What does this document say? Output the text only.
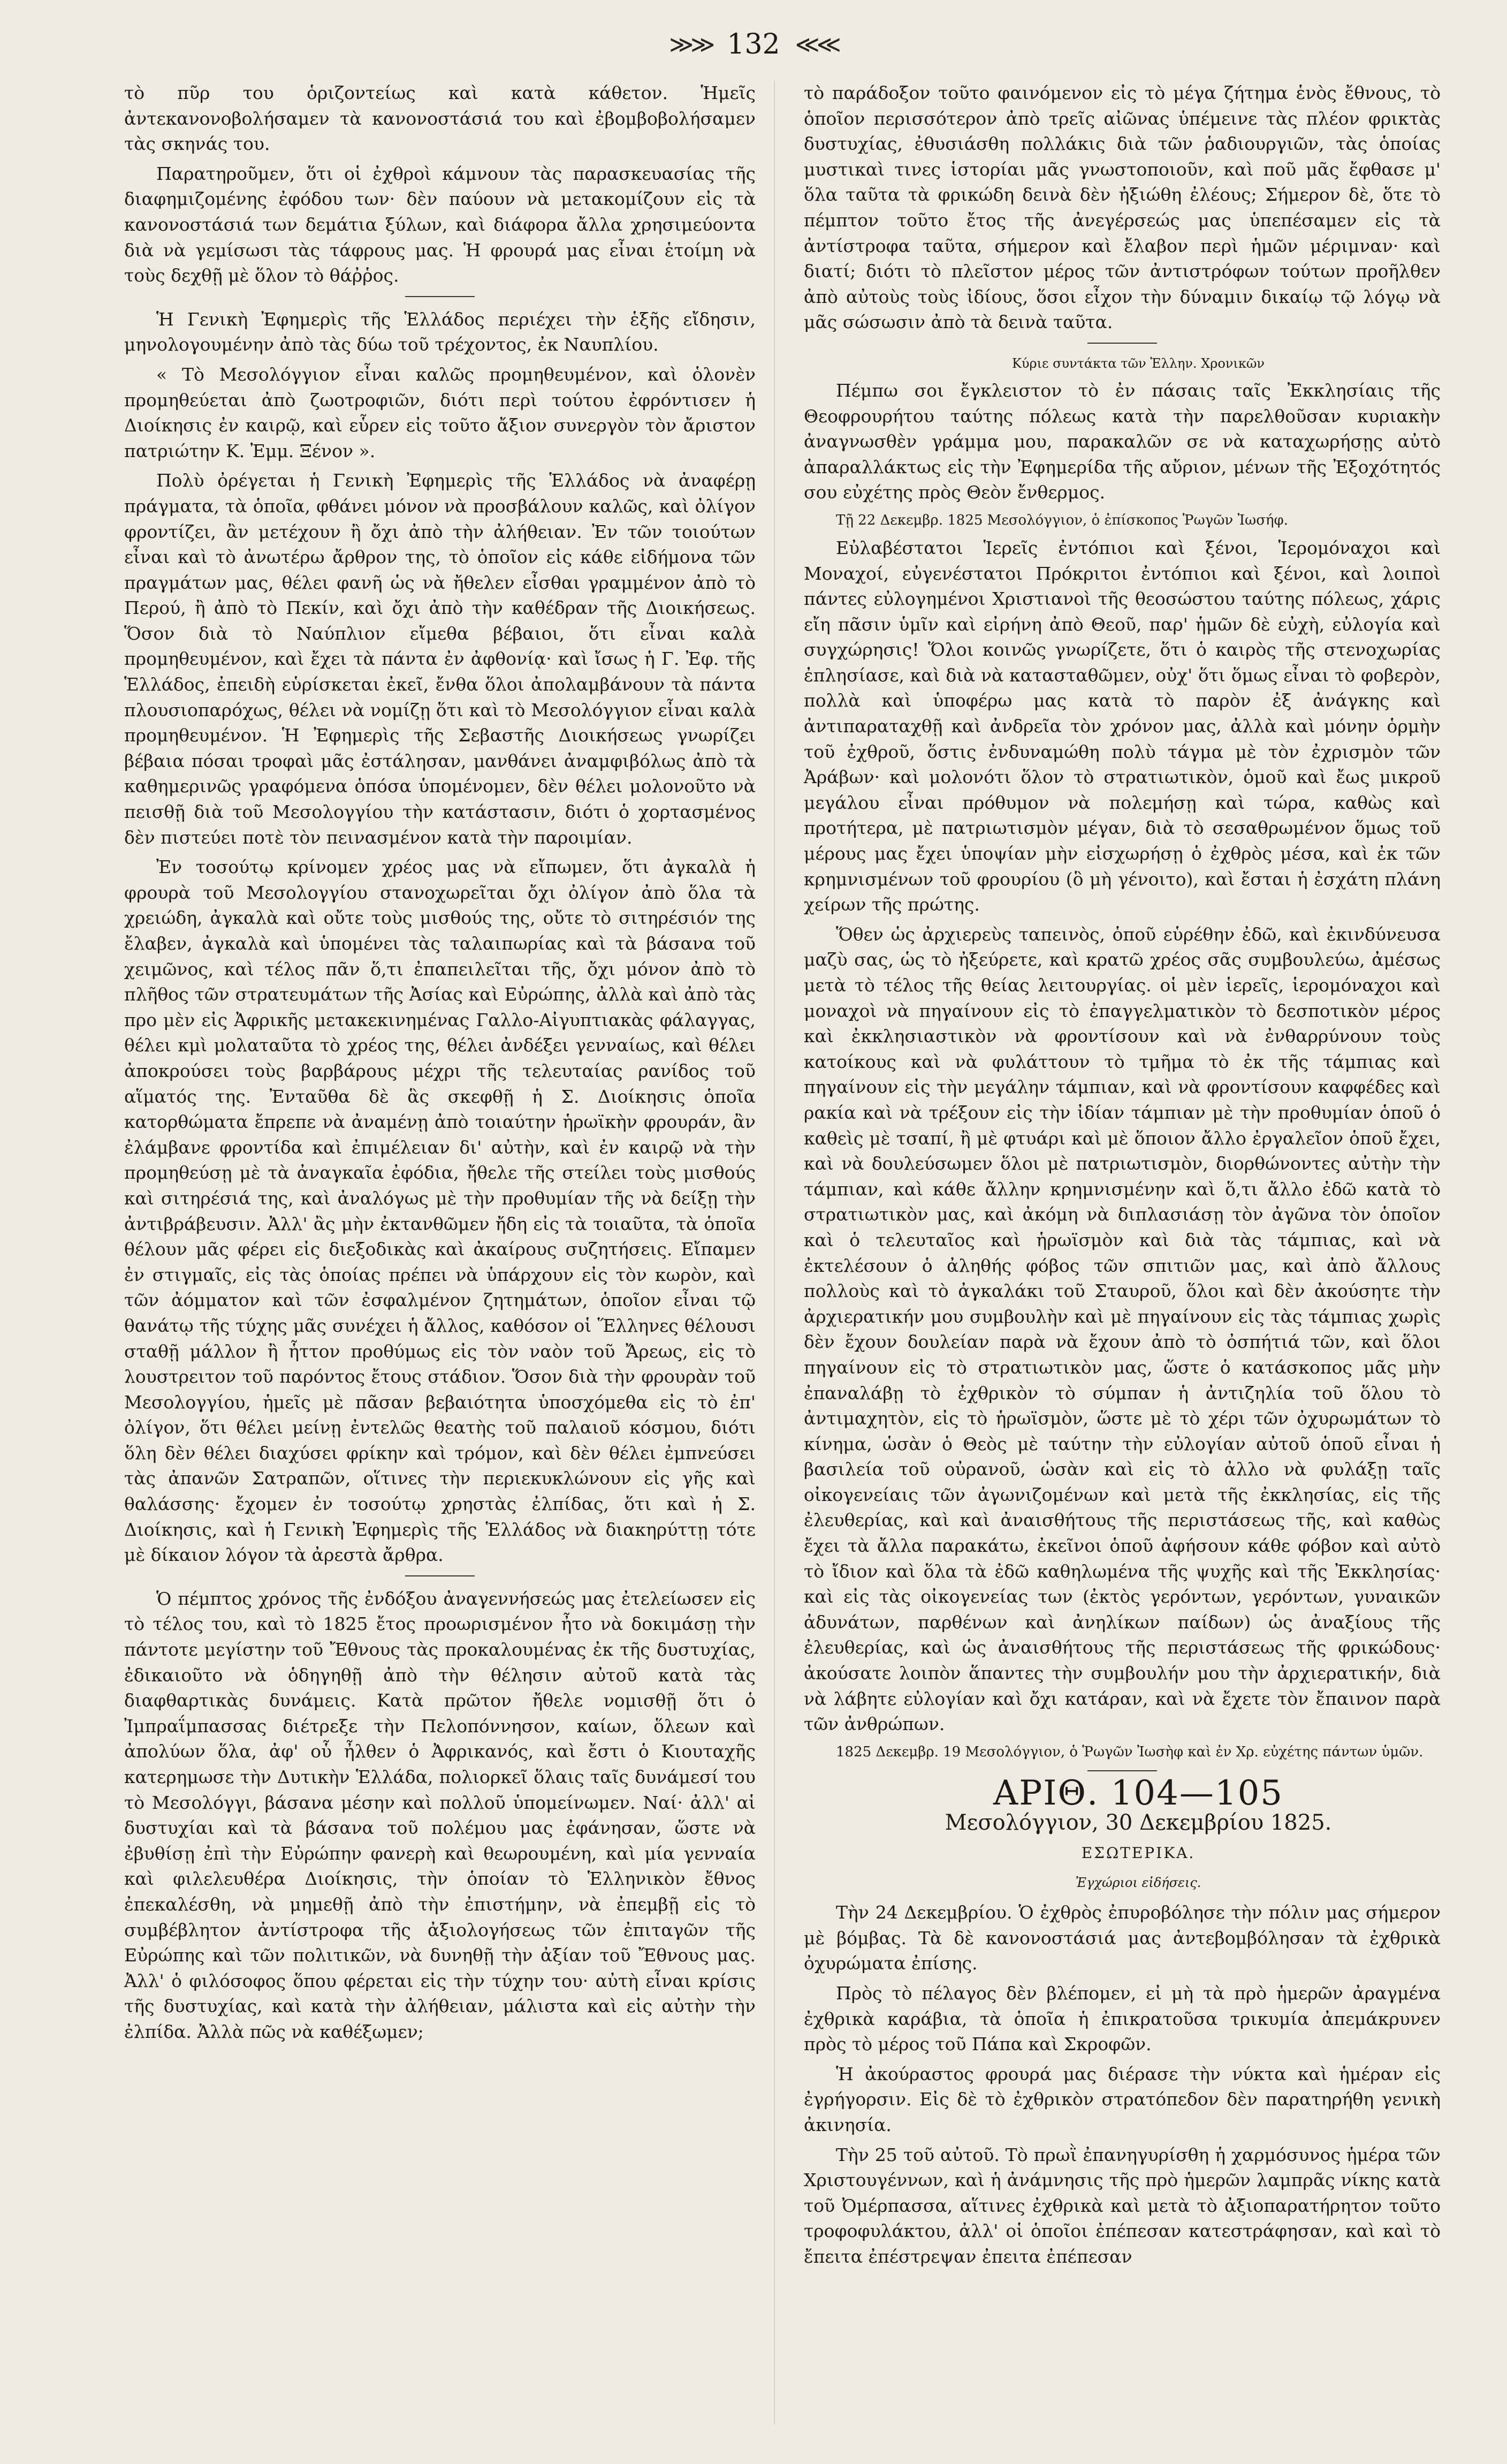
≫≫ 132 ≪≪

τὸ πῦρ του ὁριζοντείως καὶ κατὰ κάθετον. Ἡμεῖς ἀντεκανονοβολήσαμεν τὰ κανονοστάσιά του καὶ ἐβομβοβολήσαμεν τὰς σκηνάς του.

Παρατηροῦμεν, ὅτι οἱ ἐχθροὶ κάμνουν τὰς παρασκευασίας τῆς διαφημιζομένης ἐφόδου των· δὲν παύουν νὰ μετακομίζουν εἰς τὰ κανονοστάσιά των δεμάτια ξύλων, καὶ διάφορα ἄλλα χρησιμεύοντα διὰ νὰ γεμίσωσι τὰς τάφρους μας. Ἡ φρουρά μας εἶναι ἑτοίμη νὰ τοὺς δεχθῇ μὲ ὅλον τὸ θάῤῥος.

Ἡ Γενικὴ Ἐφημερὶς τῆς Ἑλλάδος περιέχει τὴν ἑξῆς εἴδησιν, μηνολογουμένην ἀπὸ τὰς δύω τοῦ τρέχοντος, ἐκ Ναυπλίου.

« Τὸ Μεσολόγγιον εἶναι καλῶς προμηθευμένον, καὶ ὁλονὲν προμηθεύεται ἀπὸ ζωοτροφιῶν, διότι περὶ τούτου ἐφρόντισεν ἡ Διοίκησις ἐν καιρῷ, καὶ εὗρεν εἰς τοῦτο ἄξιον συνεργὸν τὸν ἄριστον πατριώτην Κ. Ἐμμ. Ξένον ».

Πολὺ ὀρέγεται ἡ Γενικὴ Ἐφημερὶς τῆς Ἑλλάδος νὰ ἀναφέρῃ πράγματα, τὰ ὁποῖα, φθάνει μόνον νὰ προσβάλουν καλῶς, καὶ ὀλίγον φροντίζει, ἂν μετέχουν ἢ ὄχι ἀπὸ τὴν ἀλήθειαν. Ἐν τῶν τοιούτων εἶναι καὶ τὸ ἀνωτέρω ἄρθρον της, τὸ ὁποῖον εἰς κάθε εἰδήμονα τῶν πραγμάτων μας, θέλει φανῆ ὡς νὰ ἤθελεν εἶσθαι γραμμένον ἀπὸ τὸ Περού, ἢ ἀπὸ τὸ Πεκίν, καὶ ὄχι ἀπὸ τὴν καθέδραν τῆς Διοικήσεως. Ὅσον διὰ τὸ Ναύπλιον εἴμεθα βέβαιοι, ὅτι εἶναι καλὰ προμηθευμένον, καὶ ἔχει τὰ πάντα ἐν ἀφθονίᾳ· καὶ ἴσως ἡ Γ. Ἐφ. τῆς Ἑλλάδος, ἐπειδὴ εὑρίσκεται ἐκεῖ, ἔνθα ὅλοι ἀπολαμβάνουν τὰ πάντα πλουσιοπαρόχως, θέλει νὰ νομίζῃ ὅτι καὶ τὸ Μεσολόγγιον εἶναι καλὰ προμηθευμένον. Ἡ Ἐφημερὶς τῆς Σεβαστῆς Διοικήσεως γνωρίζει βέβαια πόσαι τροφαὶ μᾶς ἐστάλησαν, μανθάνει ἀναμφιβόλως ἀπὸ τὰ καθημερινῶς γραφόμενα ὁπόσα ὑπομένομεν, δὲν θέλει μολονοῦτο νὰ πεισθῇ διὰ τοῦ Μεσολογγίου τὴν κατάστασιν, διότι ὁ χορτασμένος δὲν πιστεύει ποτὲ τὸν πεινασμένον κατὰ τὴν παροιμίαν.

Ἐν τοσούτῳ κρίνομεν χρέος μας νὰ εἴπωμεν, ὅτι ἀγκαλὰ ἡ φρουρὰ τοῦ Μεσολογγίου στανοχωρεῖται ὄχι ὀλίγον ἀπὸ ὅλα τὰ χρειώδη, ἀγκαλὰ καὶ οὔτε τοὺς μισθούς της, οὔτε τὸ σιτηρέσιόν της ἔλαβεν, ἀγκαλὰ καὶ ὑπομένει τὰς ταλαιπωρίας καὶ τὰ βάσανα τοῦ χειμῶνος, καὶ τέλος πᾶν ὅ,τι ἐπαπειλεῖται τῆς, ὄχι μόνον ἀπὸ τὸ πλῆθος τῶν στρατευμάτων τῆς Ἀσίας καὶ Εὐρώπης, ἀλλὰ καὶ ἀπὸ τὰς προ μὲν εἰς Ἀφρικῆς μετακεκινημένας Γαλλο-Αἰγυπτιακὰς φάλαγγας, θέλει κμὶ μολαταῦτα τὸ χρέος της, θέλει ἀνδέξει γενναίως, καὶ θέλει ἀποκρούσει τοὺς βαρβάρους μέχρι τῆς τελευταίας ρανίδος τοῦ αἵματός της. Ἐνταῦθα δὲ ἃς σκεφθῇ ἡ Σ. Διοίκησις ὁποῖα κατορθώματα ἔπρεπε νὰ ἀναμένῃ ἀπὸ τοιαύτην ἡρωϊκὴν φρουράν, ἂν ἐλάμβανε φροντίδα καὶ ἐπιμέλειαν δι' αὐτὴν, καὶ ἐν καιρῷ νὰ τὴν προμηθεύσῃ μὲ τὰ ἀναγκαῖα ἐφόδια, ἤθελε τῆς στείλει τοὺς μισθούς καὶ σιτηρέσιά της, καὶ ἀναλόγως μὲ τὴν προθυμίαν τῆς νὰ δείξῃ τὴν ἀντιβράβευσιν. Ἀλλ' ἂς μὴν ἐκτανθῶμεν ἤδη εἰς τὰ τοιαῦτα, τὰ ὁποῖα θέλουν μᾶς φέρει εἰς διεξοδικὰς καὶ ἀκαίρους συζητήσεις. Εἴπαμεν ἐν στιγμαῖς, εἰς τὰς ὁποίας πρέπει νὰ ὑπάρχουν εἰς τὸν κωρὸν, καὶ τῶν ἀόμματον καὶ τῶν ἐσφαλμένον ζητημάτων, ὁποῖον εἶναι τῷ θανάτῳ τῆς τύχης μᾶς συνέχει ἡ ἄλλος, καθόσον οἱ Ἕλληνες θέλουσι σταθῇ μάλλον ἢ ἧττον προθύμως εἰς τὸν ναὸν τοῦ Ἄρεως, εἰς τὸ λουστρειτον τοῦ παρόντος ἔτους στάδιον. Ὅσον διὰ τὴν φρουρὰν τοῦ Μεσολογγίου, ἡμεῖς μὲ πᾶσαν βεβαιότητα ὑποσχόμεθα εἰς τὸ ἐπ' ὀλίγον, ὅτι θέλει μείνῃ ἐντελῶς θεατὴς τοῦ παλαιοῦ κόσμου, διότι ὅλη δὲν θέλει διαχύσει φρίκην καὶ τρόμον, καὶ δὲν θέλει ἐμπνεύσει τὰς ἀπανῶν Σατραπῶν, οἵτινες τὴν περιεκυκλώνουν εἰς γῆς καὶ θαλάσσης· ἔχομεν ἐν τοσούτῳ χρηστὰς ἐλπίδας, ὅτι καὶ ἡ Σ. Διοίκησις, καὶ ἡ Γενικὴ Ἐφημερὶς τῆς Ἑλλάδος νὰ διακηρύττῃ τότε μὲ δίκαιον λόγον τὰ ἀρεστὰ ἄρθρα.

Ὁ πέμπτος χρόνος τῆς ἐνδόξου ἀναγεννήσεώς μας ἐτελείωσεν εἰς τὸ τέλος του, καὶ τὸ 1825 ἔτος προωρισμένον ἦτο νὰ δοκιμάσῃ τὴν πάντοτε μεγίστην τοῦ Ἔθνους τὰς προκαλουμένας ἐκ τῆς δυστυχίας, ἐδικαιοῦτο νὰ ὁδηγηθῇ ἀπὸ τὴν θέλησιν αὐτοῦ κατὰ τὰς διαφθαρτικὰς δυνάμεις. Κατὰ πρῶτον ἤθελε νομισθῇ ὅτι ὁ Ἰμπραΐμπασσας διέτρεξε τὴν Πελοπόννησον, καίων, ὅλεων καὶ ἀπολύων ὅλα, ἀφ' οὗ ἦλθεν ὁ Ἀφρικανός, καὶ ἔστι ὁ Κιουταχῆς κατερημωσε τὴν Δυτικὴν Ἑλλάδα, πολιορκεῖ ὅλαις ταῖς δυνάμεσί του τὸ Μεσολόγγι, βάσανα μέσην καὶ πολλοῦ ὑπομείνωμεν. Ναί· ἀλλ' αἱ δυστυχίαι καὶ τὰ βάσανα τοῦ πολέμου μας ἐφάνησαν, ὥστε νὰ ἐβυθίσῃ ἐπὶ τὴν Εὐρώπην φανερὴ καὶ θεωρουμένη, καὶ μία γενναία καὶ φιλελευθέρα Διοίκησις, τὴν ὁποίαν τὸ Ἑλληνικὸν ἔθνος ἐπεκαλέσθη, νὰ μημεθῇ ἀπὸ τὴν ἐπιστήμην, νὰ ἐπεμβῇ εἰς τὸ συμβέβλητον ἀντίστροφα τῆς ἀξιολογήσεως τῶν ἐπιταγῶν τῆς Εὐρώπης καὶ τῶν πολιτικῶν, νὰ δυνηθῇ τὴν ἀξίαν τοῦ Ἔθνους μας. Ἀλλ' ὁ φιλόσοφος ὅπου φέρεται εἰς τὴν τύχην του· αὐτὴ εἶναι κρίσις τῆς δυστυχίας, καὶ κατὰ τὴν ἀλήθειαν, μάλιστα καὶ εἰς αὐτὴν τὴν ἐλπίδα. Ἀλλὰ πῶς νὰ καθέξωμεν;

τὸ παράδοξον τοῦτο φαινόμενον εἰς τὸ μέγα ζήτημα ἑνὸς ἔθνους, τὸ ὁποῖον περισσότερον ἀπὸ τρεῖς αἰῶνας ὑπέμεινε τὰς πλέον φρικτὰς δυστυχίας, ἐθυσιάσθη πολλάκις διὰ τῶν ῥαδιουργιῶν, τὰς ὁποίας μυστικαὶ τινες ἱστορίαι μᾶς γνωστοποιοῦν, καὶ ποῦ μᾶς ἔφθασε μ' ὅλα ταῦτα τὰ φρικώδη δεινὰ δὲν ἠξιώθη ἐλέους; Σήμερον δὲ, ὅτε τὸ πέμπτον τοῦτο ἔτος τῆς ἀνεγέρσεώς μας ὑπεπέσαμεν εἰς τὰ ἀντίστροφα ταῦτα, σήμερον καὶ ἔλαβον περὶ ἡμῶν μέριμναν· καὶ διατί; διότι τὸ πλεῖστον μέρος τῶν ἀντιστρόφων τούτων προῆλθεν ἀπὸ αὐτοὺς τοὺς ἰδίους, ὅσοι εἶχον τὴν δύναμιν δικαίῳ τῷ λόγῳ νὰ μᾶς σώσωσιν ἀπὸ τὰ δεινὰ ταῦτα.

Κύριε συντάκτα τῶν Ἑλλην. Χρονικῶν

Πέμπω σοι ἔγκλειστον τὸ ἐν πάσαις ταῖς Ἐκκλησίαις τῆς Θεοφρουρήτου ταύτης πόλεως κατὰ τὴν παρελθοῦσαν κυριακὴν ἀναγνωσθὲν γράμμα μου, παρακαλῶν σε νὰ καταχωρήσῃς αὐτὸ ἀπαραλλάκτως εἰς τὴν Ἐφημερίδα τῆς αὔριον, μένων τῆς Ἐξοχότητός σου εὐχέτης πρὸς Θεὸν ἔνθερμος.

Τῇ 22 Δεκεμβρ. 1825 Μεσολόγγιον, ὁ ἐπίσκοπος Ῥωγῶν Ἰωσήφ.

Εὐλαβέστατοι Ἱερεῖς ἐντόπιοι καὶ ξένοι, Ἱερομόναχοι καὶ Μοναχοί, εὐγενέστατοι Πρόκριτοι ἐντόπιοι καὶ ξένοι, καὶ λοιποὶ πάντες εὐλογημένοι Χριστιανοὶ τῆς θεοσώστου ταύτης πόλεως, χάρις εἴη πᾶσιν ὑμῖν καὶ εἰρήνη ἀπὸ Θεοῦ, παρ' ἡμῶν δὲ εὐχὴ, εὐλογία καὶ συγχώρησις! Ὅλοι κοινῶς γνωρίζετε, ὅτι ὁ καιρὸς τῆς στενοχωρίας ἐπλησίασε, καὶ διὰ νὰ κατασταθῶμεν, οὐχ' ὅτι ὅμως εἶναι τὸ φοβερὸν, πολλὰ καὶ ὑποφέρω μας κατὰ τὸ παρὸν ἐξ ἀνάγκης καὶ ἀντιπαραταχθῇ καὶ ἀνδρεῖα τὸν χρόνον μας, ἀλλὰ καὶ μόνην ὁρμὴν τοῦ ἐχθροῦ, ὅστις ἐνδυναμώθη πολὺ τάγμα μὲ τὸν ἐχρισμὸν τῶν Ἀράβων· καὶ μολονότι ὅλον τὸ στρατιωτικὸν, ὁμοῦ καὶ ἔως μικροῦ μεγάλου εἶναι πρόθυμον νὰ πολεμήσῃ καὶ τώρα, καθὼς καὶ προτήτερα, μὲ πατριωτισμὸν μέγαν, διὰ τὸ σεσαθρωμένον ὅμως τοῦ μέρους μας ἔχει ὑποψίαν μὴν εἰσχωρήσῃ ὁ ἐχθρὸς μέσα, καὶ ἐκ τῶν κρημνισμένων τοῦ φρουρίου (ὃ μὴ γένοιτο), καὶ ἔσται ἡ ἐσχάτη πλάνη χείρων τῆς πρώτης.

Ὅθεν ὡς ἀρχιερεὺς ταπεινὸς, ὁποῦ εὑρέθην ἐδῶ, καὶ ἐκινδύνευσα μαζὺ σας, ὡς τὸ ἠξεύρετε, καὶ κρατῶ χρέος σᾶς συμβουλεύω, ἀμέσως μετὰ τὸ τέλος τῆς θείας λειτουργίας. οἱ μὲν ἱερεῖς, ἱερομόναχοι καὶ μοναχοὶ νὰ πηγαίνουν εἰς τὸ ἐπαγγελματικὸν τὸ δεσποτικὸν μέρος καὶ ἐκκλησιαστικὸν νὰ φροντίσουν καὶ νὰ ἐνθαρρύνουν τοὺς κατοίκους καὶ νὰ φυλάττουν τὸ τμῆμα τὸ ἐκ τῆς τάμπιας καὶ πηγαίνουν εἰς τὴν μεγάλην τάμπιαν, καὶ νὰ φροντίσουν καφφέδες καὶ ρακία καὶ νὰ τρέξουν εἰς τὴν ἰδίαν τάμπιαν μὲ τὴν προθυμίαν ὁποῦ ὁ καθεὶς μὲ τσαπί, ἢ μὲ φτυάρι καὶ μὲ ὅποιον ἄλλο ἐργαλεῖον ὁποῦ ἔχει, καὶ νὰ δουλεύσωμεν ὅλοι μὲ πατριωτισμὸν, διορθώνοντες αὐτὴν τὴν τάμπιαν, καὶ κάθε ἄλλην κρημνισμένην καὶ ὅ,τι ἄλλο ἐδῶ κατὰ τὸ στρατιωτικὸν μας, καὶ ἀκόμη νὰ διπλασιάσῃ τὸν ἀγῶνα τὸν ὁποῖον καὶ ὁ τελευταῖος καὶ ἡρωϊσμὸν καὶ διὰ τὰς τάμπιας, καὶ νὰ ἐκτελέσουν ὁ ἀληθής φόβος τῶν σπιτιῶν μας, καὶ ἀπὸ ἄλλους πολλοὺς καὶ τὸ ἀγκαλάκι τοῦ Σταυροῦ, ὅλοι καὶ δὲν ἀκούσητε τὴν ἀρχιερατικήν μου συμβουλὴν καὶ μὲ πηγαίνουν εἰς τὰς τάμπιας χωρὶς δὲν ἔχουν δουλείαν παρὰ νὰ ἔχουν ἀπὸ τὸ ὀσπήτιά τῶν, καὶ ὅλοι πηγαίνουν εἰς τὸ στρατιωτικὸν μας, ὥστε ὁ κατάσκοπος μᾶς μὴν ἐπαναλάβῃ τὸ ἐχθρικὸν τὸ σύμπαν ἡ ἀντιζηλία τοῦ ὅλου τὸ ἀντιμαχητὸν, εἰς τὸ ἡρωϊσμὸν, ὥστε μὲ τὸ χέρι τῶν ὀχυρωμάτων τὸ κίνημα, ὡσὰν ὁ Θεὸς μὲ ταύτην τὴν εὐλογίαν αὐτοῦ ὁποῦ εἶναι ἡ βασιλεία τοῦ οὐρανοῦ, ὡσὰν καὶ εἰς τὸ ἀλλο νὰ φυλάξῃ ταῖς οἰκογενείαις τῶν ἀγωνιζομένων καὶ μετὰ τῆς ἐκκλησίας, εἰς τῆς ἐλευθερίας, καὶ καὶ ἀναισθήτους τῆς περιστάσεως τῆς, καὶ καθὼς ἔχει τὰ ἄλλα παρακάτω, ἐκεῖνοι ὁποῦ ἀφήσουν κάθε φόβον καὶ αὐτὸ τὸ ἴδιον καὶ ὅλα τὰ ἐδῶ καθηλωμένα τῆς ψυχῆς καὶ τῆς Ἐκκλησίας· καὶ εἰς τὰς οἰκογενείας των (ἐκτὸς γερόντων, γερόντων, γυναικῶν ἀδυνάτων, παρθένων καὶ ἀνηλίκων παίδων) ὡς ἀναξίους τῆς ἐλευθερίας, καὶ ὡς ἀναισθήτους τῆς περιστάσεως τῆς φρικώδους· ἀκούσατε λοιπὸν ἅπαντες τὴν συμβουλήν μου τὴν ἀρχιερατικήν, διὰ νὰ λάβητε εὐλογίαν καὶ ὄχι κατάραν, καὶ νὰ ἔχετε τὸν ἔπαινον παρὰ τῶν ἀνθρώπων.

1825 Δεκεμβρ. 19 Μεσολόγγιον, ὁ Ῥωγῶν Ἰωσὴφ καὶ ἐν Χρ. εὐχέτης πάντων ὑμῶν.

ΑΡΙΘ. 104—105

Μεσολόγγιον, 30 Δεκεμβρίου 1825.

ΕΣΩΤΕΡΙΚΑ.

Ἐγχώριοι εἰδήσεις.

Τὴν 24 Δεκεμβρίου. Ὁ ἐχθρὸς ἐπυροβόλησε τὴν πόλιν μας σήμερον μὲ βόμβας. Τὰ δὲ κανονοστάσιά μας ἀντεβομβόλησαν τὰ ἐχθρικὰ ὀχυρώματα ἐπίσης.

Πρὸς τὸ πέλαγος δὲν βλέπομεν, εἰ μὴ τὰ πρὸ ἡμερῶν ἀραγμένα ἐχθρικὰ καράβια, τὰ ὁποῖα ἡ ἐπικρατοῦσα τρικυμία ἀπεμάκρυνεν πρὸς τὸ μέρος τοῦ Πάπα καὶ Σκροφῶν.

Ἡ ἀκούραστος φρουρά μας διέρασε τὴν νύκτα καὶ ἡμέραν εἰς ἐγρήγορσιν. Εἰς δὲ τὸ ἐχθρικὸν στρατόπεδον δὲν παρατηρήθη γενικὴ ἀκινησία.

Τὴν 25 τοῦ αὐτοῦ. Τὸ πρωῒ ἐπανηγυρίσθη ἡ χαρμόσυνος ἡμέρα τῶν Χριστουγέννων, καὶ ἡ ἀνάμνησις τῆς πρὸ ἡμερῶν λαμπρᾶς νίκης κατὰ τοῦ Ὀμέρπασσα, αἵτινες ἐχθρικὰ καὶ μετὰ τὸ ἀξιοπαρατήρητον τοῦτο τροφοφυλάκτου, ἀλλ' οἱ ὁποῖοι ἐπέπεσαν κατεστράφησαν, καὶ καὶ τὸ ἔπειτα ἐπέστρεψαν ἐπειτα ἐπέπεσαν
